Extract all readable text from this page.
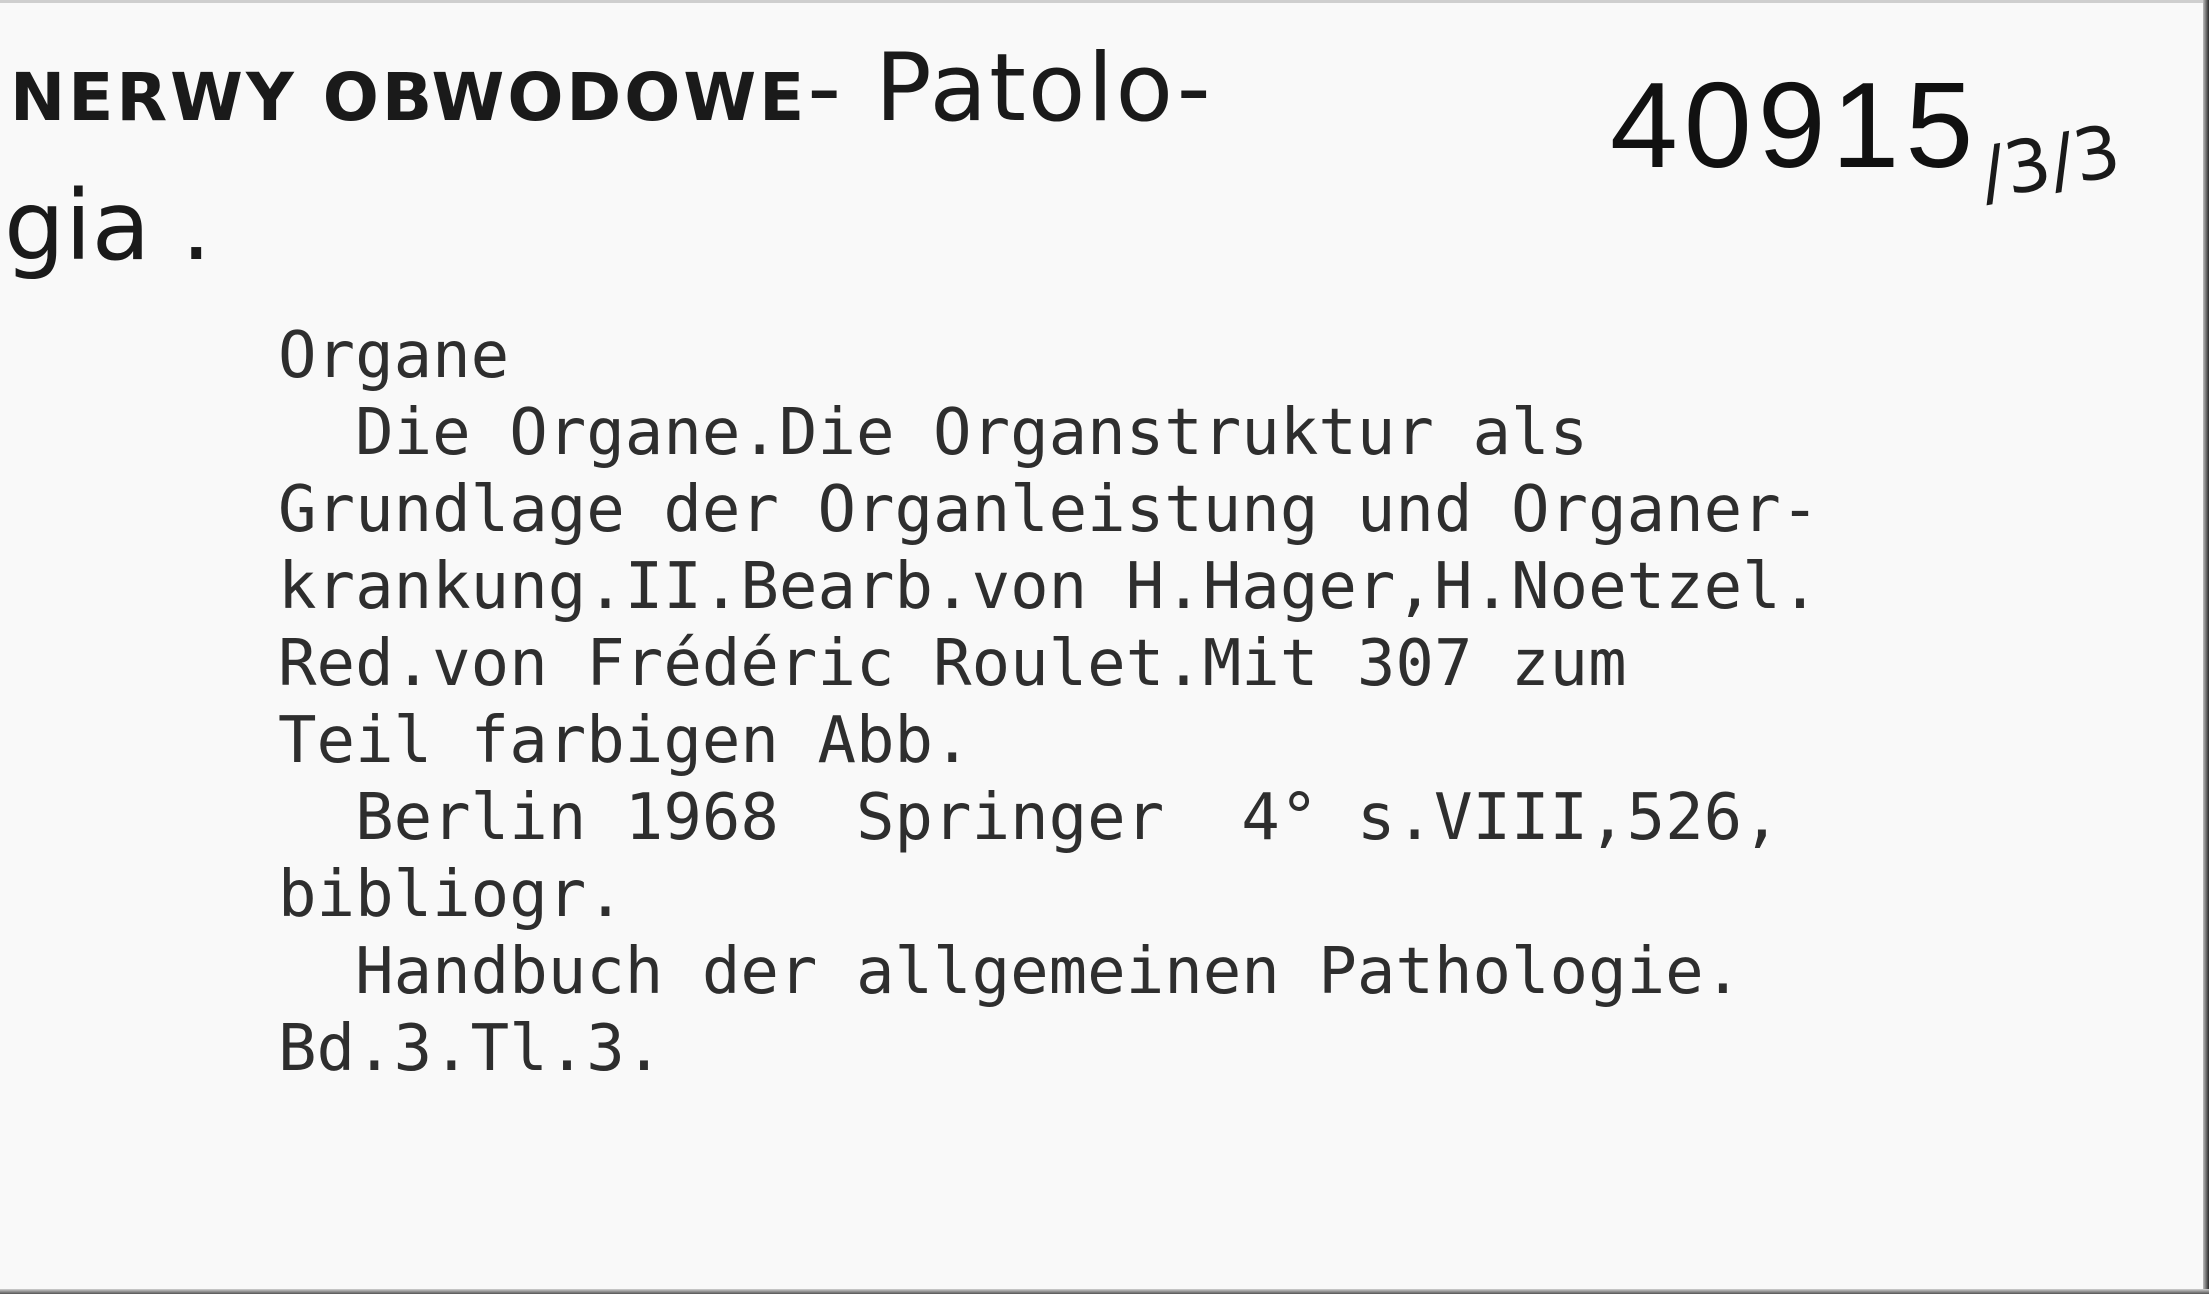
NERWY OBWODOWE- Patolo-
gia .
40915
/3/3
Organe
Die Organe.Die Organstruktur als
Grundlage der Organleistung und Organer-
krankung.II.Bearb.von H.Hager,H.Noetzel.
Red.von Frédéric Roulet.Mit 307 zum
Teil farbigen Abb.
Berlin 1968  Springer  4° s.VIII,526,
bibliogr.
Handbuch der allgemeinen Pathologie.
Bd.3.Tl.3.
